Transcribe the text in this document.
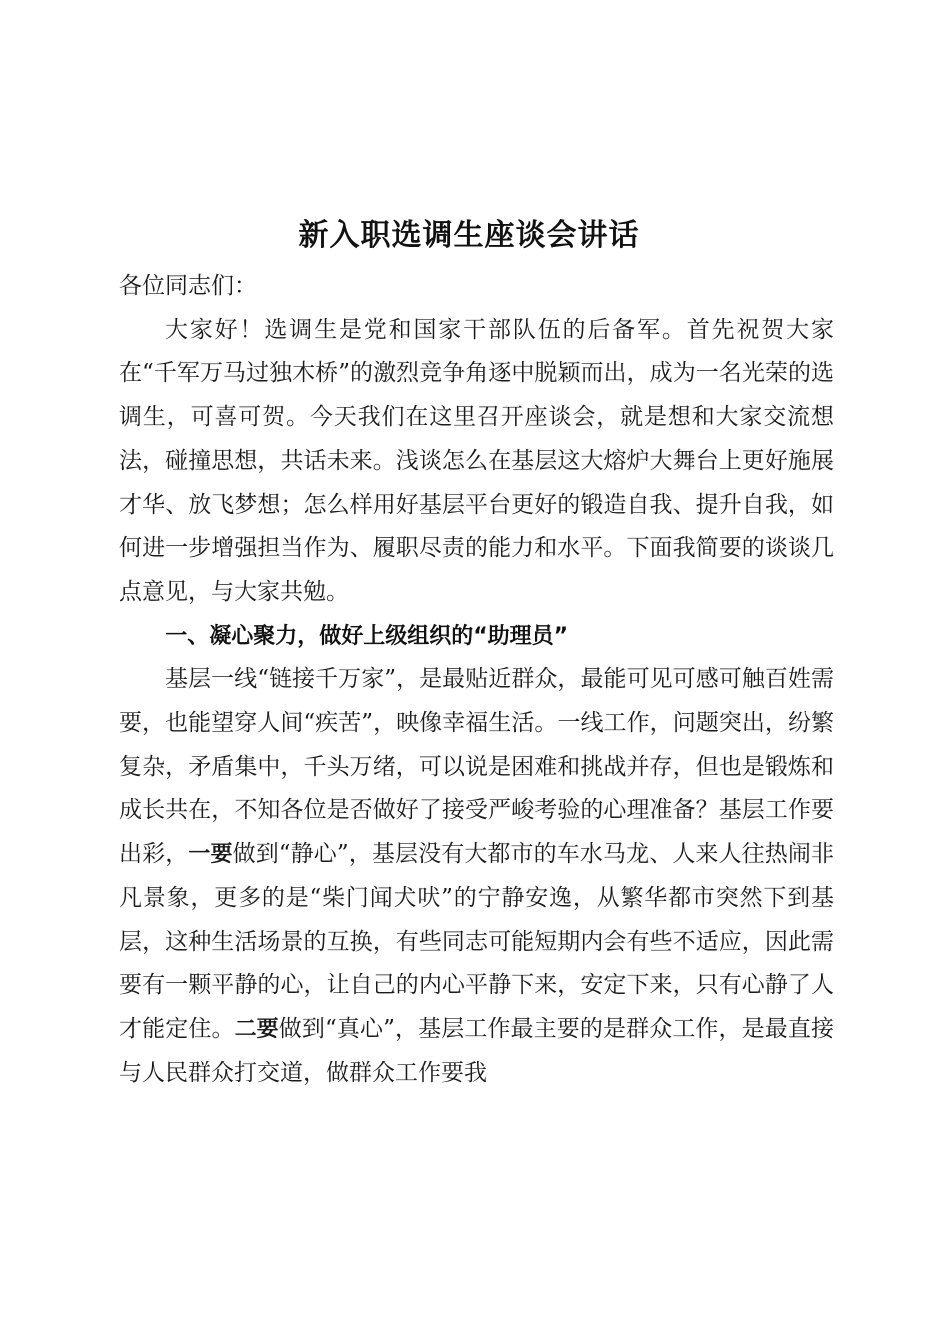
新入职选调生座谈会讲话

各位同志们：

大家好！选调生是党和国家干部队伍的后备军。首先祝贺大家在“千军万马过独木桥”的激烈竞争角逐中脱颖而出，成为一名光荣的选调生，可喜可贺。今天我们在这里召开座谈会，就是想和大家交流想法，碰撞思想，共话未来。浅谈怎么在基层这大熔炉大舞台上更好施展才华、放飞梦想；怎么样用好基层平台更好的锻造自我、提升自我，如何进一步增强担当作为、履职尽责的能力和水平。下面我简要的谈谈几点意见，与大家共勉。

一、凝心聚力，做好上级组织的“助理员”

基层一线“链接千万家”，是最贴近群众，最能可见可感可触百姓需要，也能望穿人间“疾苦”，映像幸福生活。一线工作，问题突出，纷繁复杂，矛盾集中，千头万绪，可以说是困难和挑战并存，但也是锻炼和成长共在，不知各位是否做好了接受严峻考验的心理准备？基层工作要出彩，一要做到“静心”，基层没有大都市的车水马龙、人来人往热闹非凡景象，更多的是“柴门闻犬吠”的宁静安逸，从繁华都市突然下到基层，这种生活场景的互换，有些同志可能短期内会有些不适应，因此需要有一颗平静的心，让自己的内心平静下来，安定下来，只有心静了人才能定住。二要做到“真心”，基层工作最主要的是群众工作，是最直接与人民群众打交道，做群众工作要我
